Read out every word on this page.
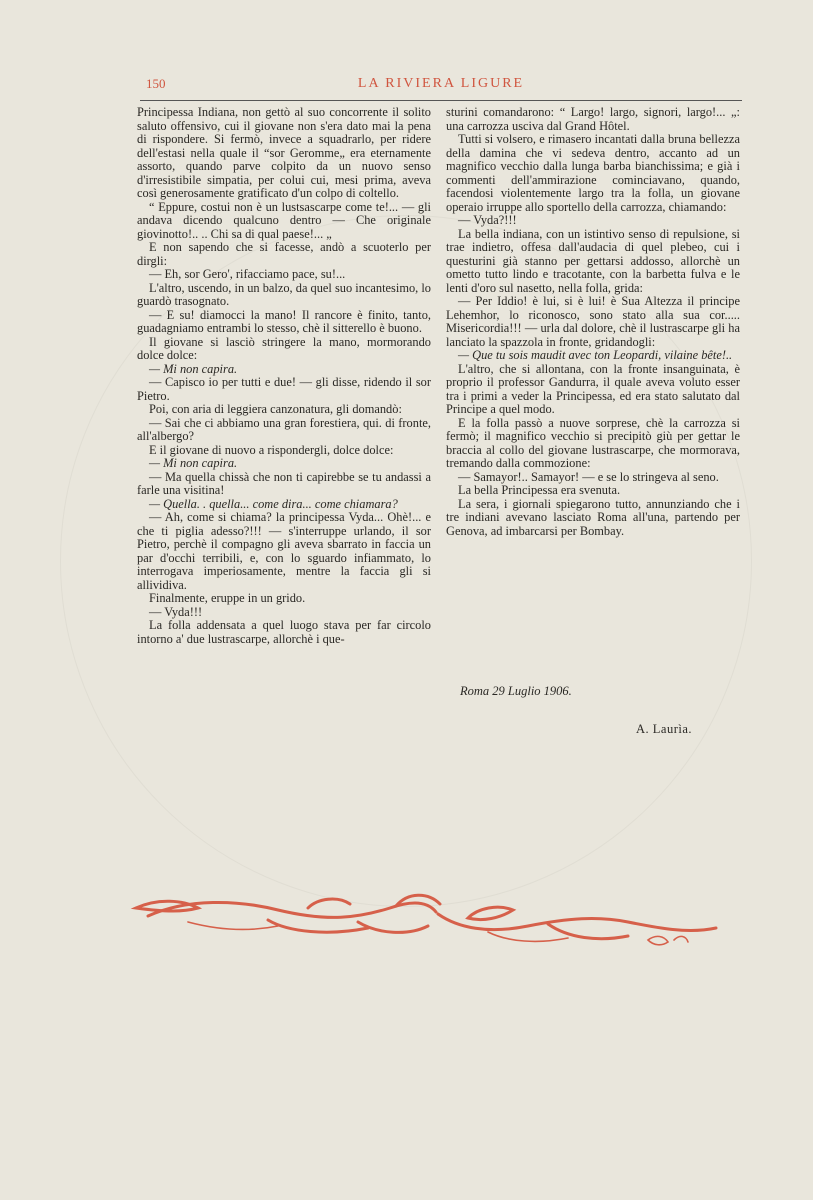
150	LA RIVIERA LIGURE

Principessa Indiana, non gettò al suo concorrente il solito saluto offensivo, cui il giovane non s'era dato mai la pena di rispondere. Si fermò, invece a squadrarlo, per ridere dell'estasi nella quale il “sor Geromme„ era eternamente assorto, quando parve colpito da un nuovo senso d'irresistibile simpatia, per colui cui, mesi prima, aveva così generosamente gratificato d'un colpo di coltello.

“ Eppure, costui non è un lustsascarpe come te!... — gli andava dicendo qualcuno dentro — Che originale giovinotto!.. .. Chi sa di qual paese!... „

E non sapendo che si facesse, andò a scuoterlo per dirgli:

— Eh, sor Gero', rifacciamo pace, su!...

L'altro, uscendo, in un balzo, da quel suo incantesimo, lo guardò trasognato.

— E su! diamocci la mano! Il rancore è finito, tanto, guadagniamo entrambi lo stesso, chè il sitterello è buono.

Il giovane si lasciò stringere la mano, mormorando dolce dolce:

— Mi non capira.

— Capisco io per tutti e due! — gli disse, ridendo il sor Pietro.

Poi, con aria di leggiera canzonatura, gli domandò:

— Sai che ci abbiamo una gran forestiera, qui. di fronte, all'albergo?

E il giovane di nuovo a rispondergli, dolce dolce:

— Mi non capira.

— Ma quella chissà che non ti capirebbe se tu andassi a farle una visitina!

— Quella. . quella... come dira... come chiamara?

— Ah, come si chiama? la principessa Vyda... Ohè!... e che ti piglia adesso?!!! — s'interruppe urlando, il sor Pietro, perchè il compagno gli aveva sbarrato in faccia un par d'occhi terribili, e, con lo sguardo infiammato, lo interrogava imperiosamente, mentre la faccia gli si allividiva.

Finalmente, eruppe in un grido.

— Vyda!!!

La folla addensata a quel luogo stava per far circolo intorno a' due lustrascarpe, allorchè i que-

sturini comandarono: “ Largo! largo, signori, largo!... „: una carrozza usciva dal Grand Hôtel.

Tutti si volsero, e rimasero incantati dalla bruna bellezza della damina che vi sedeva dentro, accanto ad un magnifico vecchio dalla lunga barba bianchissima; e già i commenti dell'ammirazione cominciavano, quando, facendosi violentemente largo tra la folla, un giovane operaio irruppe allo sportello della carrozza, chiamando:

— Vyda?!!!

La bella indiana, con un istintivo senso di repulsione, si trae indietro, offesa dall'audacia di quel plebeo, cui i questurini già stanno per gettarsi addosso, allorchè un ometto tutto lindo e tracotante, con la barbetta fulva e le lenti d'oro sul nasetto, nella folla, grida:

— Per Iddio! è lui, si è lui! è Sua Altezza il principe Lehemhor, lo riconosco, sono stato alla sua cor..... Misericordia!!! — urla dal dolore, chè il lustrascarpe gli ha lanciato la spazzola in fronte, gridandogli:

— Que tu sois maudit avec ton Leopardi, vilaine bête!..

L'altro, che si allontana, con la fronte insanguinata, è proprio il professor Gandurra, il quale aveva voluto esser tra i primi a veder la Principessa, ed era stato salutato dal Principe a quel modo.

E la folla passò a nuove sorprese, chè la carrozza si fermò; il magnifico vecchio si precipitò giù per gettar le braccia al collo del giovane lustrascarpe, che mormorava, tremando dalla commozione:

— Samayor!.. Samayor! — e se lo stringeva al seno.

La bella Principessa era svenuta.

La sera, i giornali spiegarono tutto, annunziando che i tre indiani avevano lasciato Roma all'una, partendo per Genova, ad imbarcarsi per Bombay.

Roma 29 Luglio 1906.
A. Laurìa.
